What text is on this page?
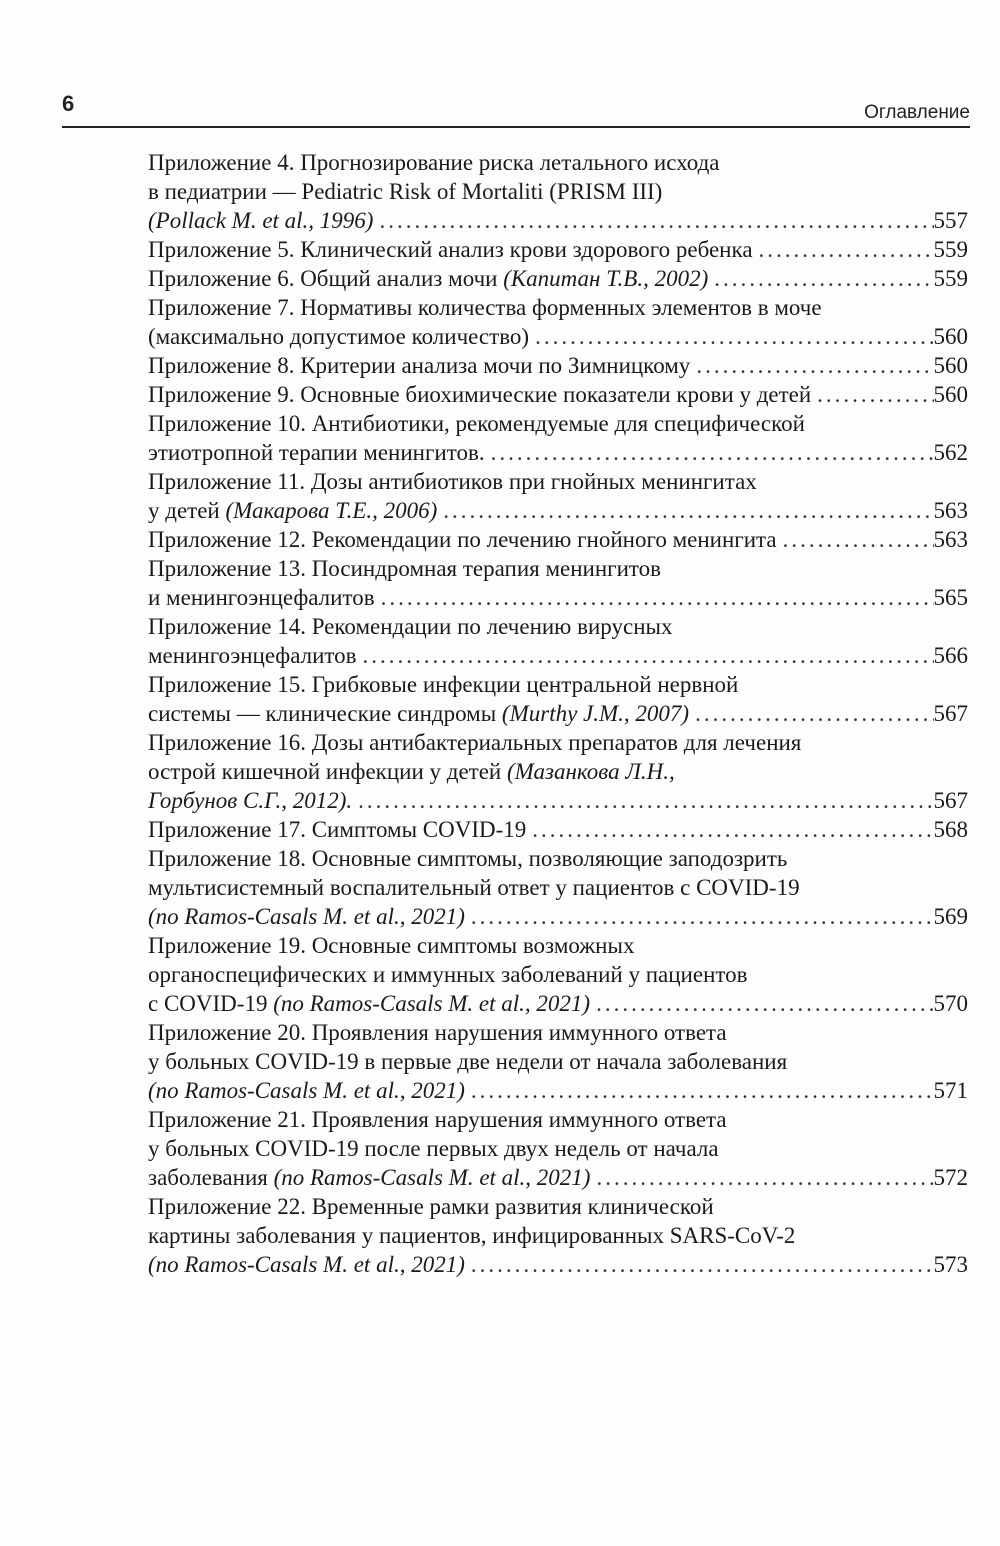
6	Оглавление
Приложение 4. Прогнозирование риска летального исхода
в педиатрии — Pediatric Risk of Mortaliti (PRISM III)
(Pollack M. et al., 1996) .....	557
Приложение 5. Клинический анализ крови здорового ребенка .....	559
Приложение 6. Общий анализ мочи (Капитан Т.В., 2002) .....	559
Приложение 7. Нормативы количества форменных элементов в моче
(максимально допустимое количество) .....	560
Приложение 8. Критерии анализа мочи по Зимницкому .....	560
Приложение 9. Основные биохимические показатели крови у детей .....	560
Приложение 10. Антибиотики, рекомендуемые для специфической
этиотропной терапии менингитов. .....	562
Приложение 11. Дозы антибиотиков при гнойных менингитах
у детей (Макарова Т.Е., 2006) .....	563
Приложение 12. Рекомендации по лечению гнойного менингита .....	563
Приложение 13. Посиндромная терапия менингитов
и менингоэнцефалитов .....	565
Приложение 14. Рекомендации по лечению вирусных
менингоэнцефалитов .....	566
Приложение 15. Грибковые инфекции центральной нервной
системы — клинические синдромы (Murthy J.M., 2007) .....	567
Приложение 16. Дозы антибактериальных препаратов для лечения
острой кишечной инфекции у детей (Мазанкова Л.Н.,
Горбунов С.Г., 2012). .....	567
Приложение 17. Симптомы COVID-19 .....	568
Приложение 18. Основные симптомы, позволяющие заподозрить
мультисистемный воспалительный ответ у пациентов с COVID-19
(по Ramos-Casals M. et al., 2021) .....	569
Приложение 19. Основные симптомы возможных
органоспецифических и иммунных заболеваний у пациентов
с COVID-19 (по Ramos-Casals M. et al., 2021) .....	570
Приложение 20. Проявления нарушения иммунного ответа
у больных COVID-19 в первые две недели от начала заболевания
(по Ramos-Casals M. et al., 2021) .....	571
Приложение 21. Проявления нарушения иммунного ответа
у больных COVID-19 после первых двух недель от начала
заболевания (по Ramos-Casals M. et al., 2021) .....	572
Приложение 22. Временные рамки развития клинической
картины заболевания у пациентов, инфицированных SARS-CoV-2
(по Ramos-Casals M. et al., 2021) .....	573
